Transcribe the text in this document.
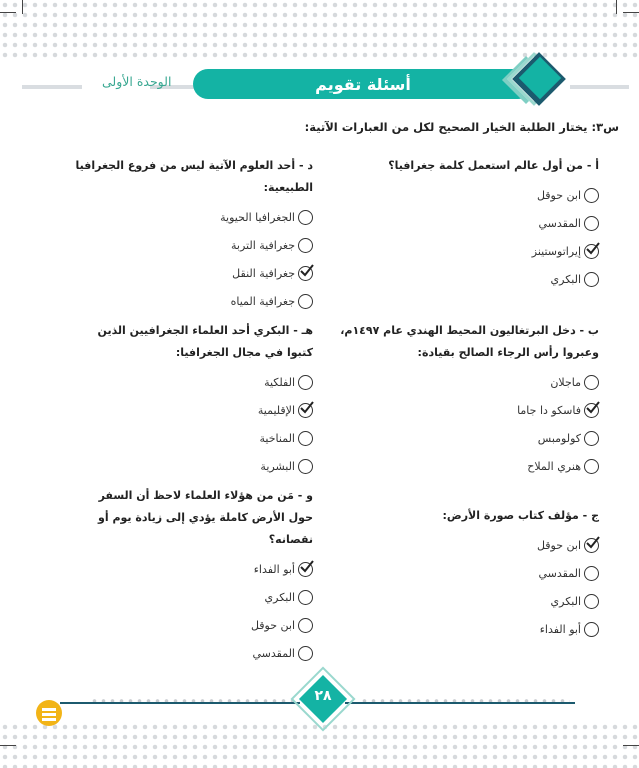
الوحدة الأولى	أسئلة تقويم
س٣: يختار الطلبة الخيار الصحيح لكل من العبارات الآتية:
أ - من أول عالم استعمل كلمة جغرافيا؟
ابن حوقل
المقدسي
إيراتوستينز
البكري
د - أحد العلوم الآتية ليس من فروع الجغرافيا الطبيعية:
الجغرافيا الحيوية
جغرافية التربة
جغرافية النقل
جغرافية المياه
ب - دخل البرتغاليون المحيط الهندي عام ١٤٩٧م، وعبروا رأس الرجاء الصالح بقيادة:
ماجلان
فاسكو دا جاما
كولومبس
هنري الملاح
هـ - البكري أحد العلماء الجغرافيين الذين كتبوا في مجال الجغرافيا:
الفلكية
الإقليمية
المناخية
البشرية
ج - مؤلف كتاب صورة الأرض:
ابن حوقل
المقدسي
البكري
أبو الفداء
و - مَن من هؤلاء العلماء لاحظ أن السفر حول الأرض كاملة يؤدي إلى زيادة يوم أو نقصانه؟
أبو الفداء
البكري
ابن حوقل
المقدسي
٢٨
